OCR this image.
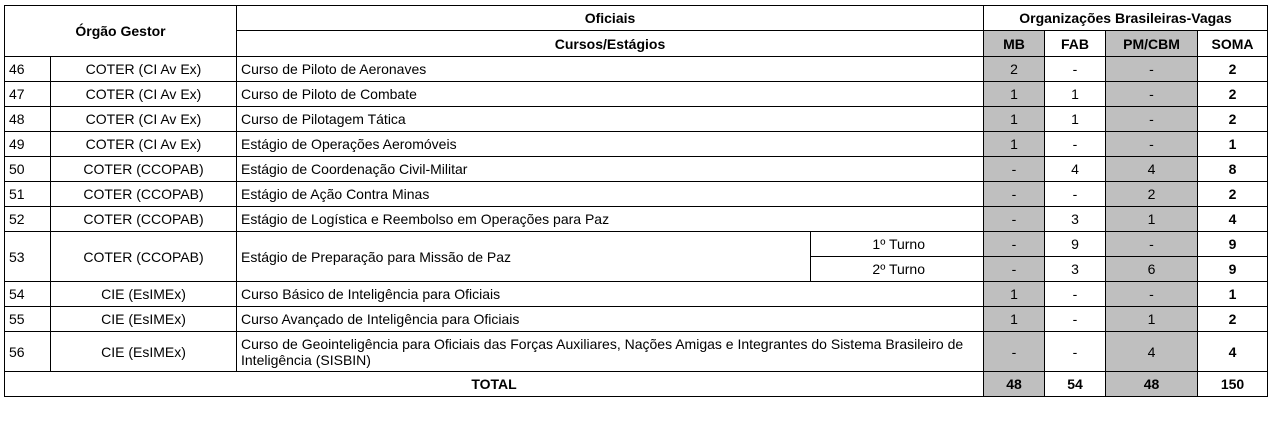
Órgão Gestor		Oficiais		Organizações Brasileiras-Vagas			
		Cursos/Estágios		MB	FAB	PM/CBM	SOMA
46	COTER (CI Av Ex)	Curso de Piloto de Aeronaves		2	-	-	2
47	COTER (CI Av Ex)	Curso de Piloto de Combate		1	1	-	2
48	COTER (CI Av Ex)	Curso de Pilotagem Tática		1	1	-	2
49	COTER (CI Av Ex)	Estágio de Operações Aeromóveis		1	-	-	1
50	COTER (CCOPAB)	Estágio de Coordenação Civil-Militar		-	4	4	8
51	COTER (CCOPAB)	Estágio de Ação Contra Minas		-	-	2	2
52	COTER (CCOPAB)	Estágio de Logística e Reembolso em Operações para Paz		-	3	1	4
53	COTER (CCOPAB)	Estágio de Preparação para Missão de Paz	1º Turno	-	9	-	9
			2º Turno	-	3	6	9
54	CIE (EsIMEx)	Curso Básico de Inteligência para Oficiais		1	-	-	1
55	CIE (EsIMEx)	Curso Avançado de Inteligência para Oficiais		1	-	1	2
56	CIE (EsIMEx)	Curso de Geointeligência para Oficiais das Forças Auxiliares, Nações Amigas e Integrantes do Sistema Brasileiro de Inteligência (SISBIN)		-	-	4	4
TOTAL				48	54	48	150
